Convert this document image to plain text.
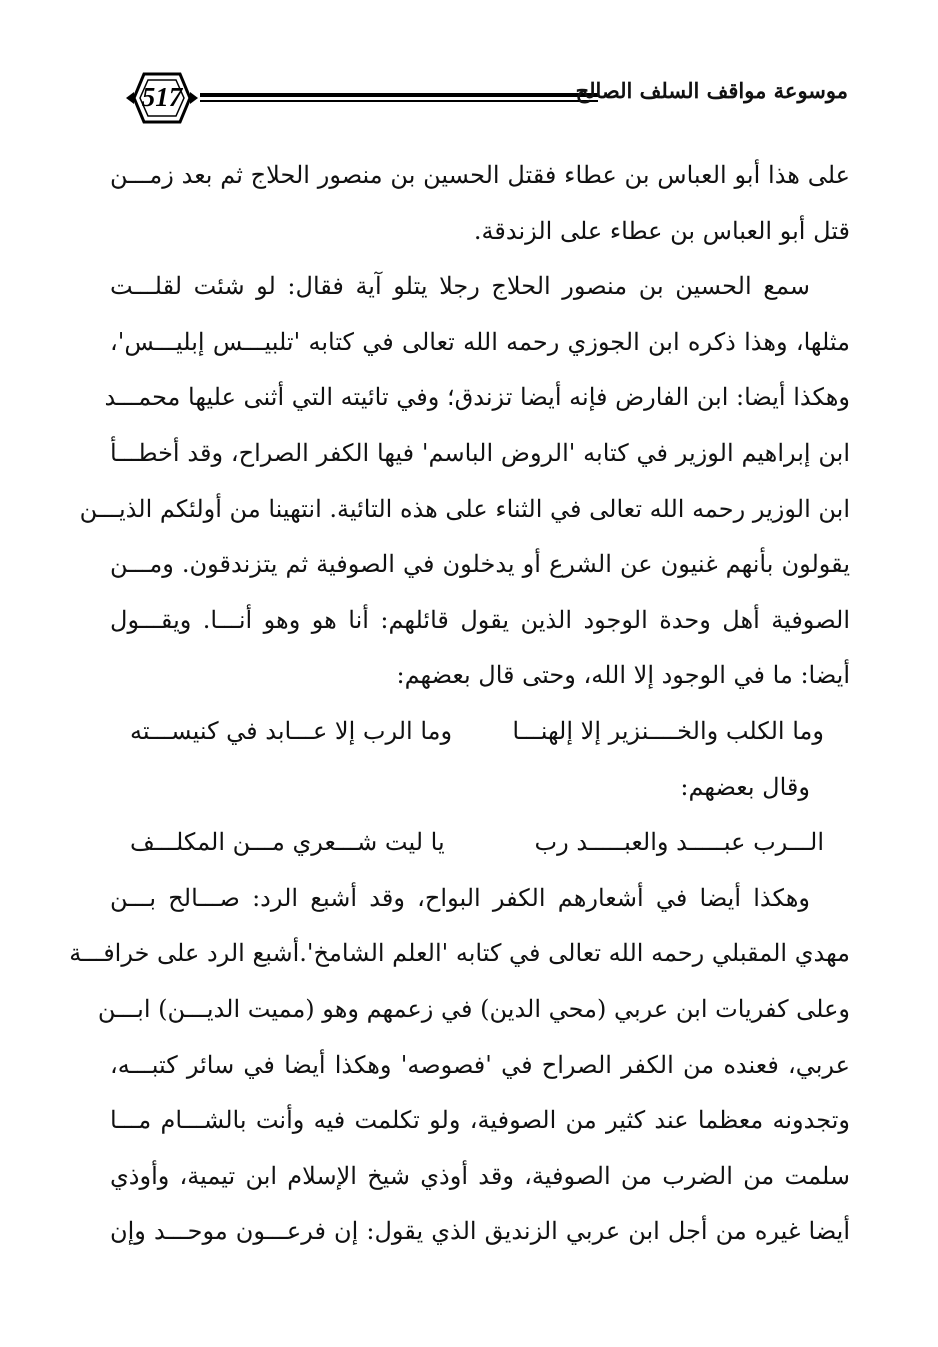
517	موسوعة مواقف السلف الصالح
على هذا أبو العباس بن عطاء فقتل الحسين بن منصور الحلاج ثم بعد زمـــن
قتل أبو العباس بن عطاء على الزندقة.
سمع الحسين بن منصور الحلاج رجلا يتلو آية فقال: لو شئت لقلـــت
مثلها، وهذا ذكره ابن الجوزي رحمه الله تعالى في كتابه 'تلبيـــس إبليـــس'،
وهكذا أيضا: ابن الفارض فإنه أيضا تزندق؛ وفي تائيته التي أثنى عليها محمـــد
ابن إبراهيم الوزير في كتابه 'الروض الباسم' فيها الكفر الصراح، وقد أخطـــأ
ابن الوزير رحمه الله تعالى في الثناء على هذه التائية. انتهينا من أولئكم الذيـــن
يقولون بأنهم غنيون عن الشرع أو يدخلون في الصوفية ثم يتزندقون. ومـــن
الصوفية أهل وحدة الوجود الذين يقول قائلهم: أنا هو وهو أنـــا. ويقـــول
أيضا: ما في الوجود إلا الله، وحتى قال بعضهم:
وما الكلب والخــــنزير إلا إلهنـــا
وما الرب إلا عـــابد في كنيســـته
وقال بعضهم:
الـــرب عبـــــد والعبـــــد رب
يا ليت شـــعري مـــن المكلـــف
وهكذا أيضا في أشعارهم الكفر البواح، وقد أشبع الرد: صـــالح بـــن
مهدي المقبلي رحمه الله تعالى في كتابه 'العلم الشامخ'.أشبع الرد على خرافـــة
وعلى كفريات ابن عربي (محي الدين) في زعمهم وهو (مميت الديـــن) ابـــن
عربي، فعنده من الكفر الصراح في 'فصوصه' وهكذا أيضا في سائر كتبـــه،
وتجدونه معظما عند كثير من الصوفية، ولو تكلمت فيه وأنت بالشـــام مـــا
سلمت من الضرب من الصوفية، وقد أوذي شيخ الإسلام ابن تيمية، وأوذي
أيضا غيره من أجل ابن عربي الزنديق الذي يقول: إن فرعـــون موحـــد وإن
